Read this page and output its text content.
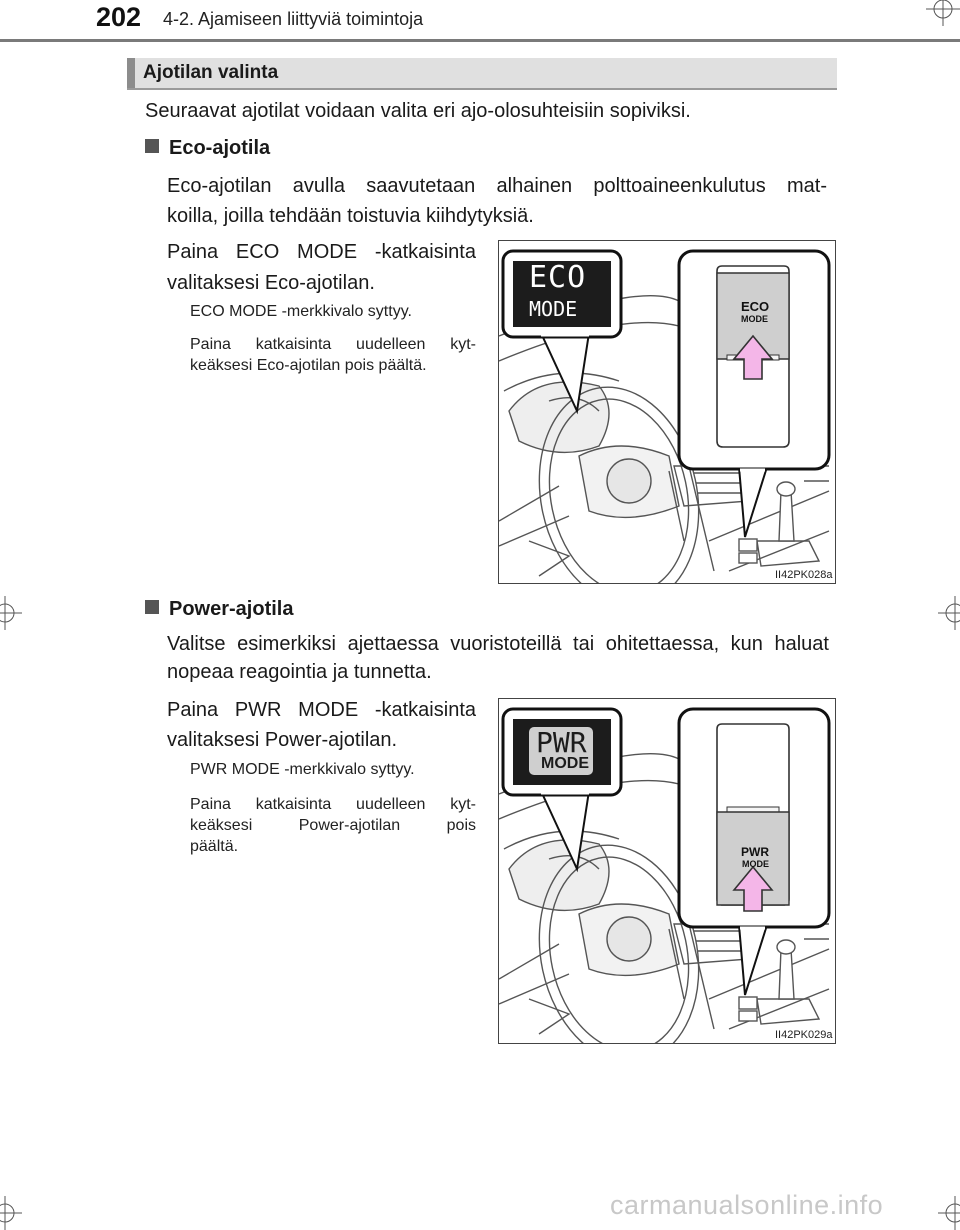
202 4-2. Ajamiseen liittyviä toimintoja
Ajotilan valinta
Seuraavat ajotilat voidaan valita eri ajo-olosuhteisiin sopiviksi.
Eco-ajotila
Eco-ajotilan avulla saavutetaan alhainen polttoaineenkulutus mat-
koilla, joilla tehdään toistuvia kiihdytyksiä.
Paina ECO MODE -katkaisinta
valitaksesi Eco-ajotilan.
ECO MODE -merkkivalo syttyy.
Paina katkaisinta uudelleen kyt-
keäksesi Eco-ajotilan pois päältä.
ECO
MODE	ECO
MODE
II42PK028a
Power-ajotila
Valitse esimerkiksi ajettaessa vuoristoteillä tai ohitettaessa, kun haluat
nopeaa reagointia ja tunnetta.
Paina PWR MODE -katkaisinta
valitaksesi Power-ajotilan.
PWR MODE -merkkivalo syttyy.
Paina katkaisinta uudelleen kyt-
keäksesi Power-ajotilan pois
päältä.
PWR
MODE
PWR
MODE
II42PK029a
carmanualsonline.info
